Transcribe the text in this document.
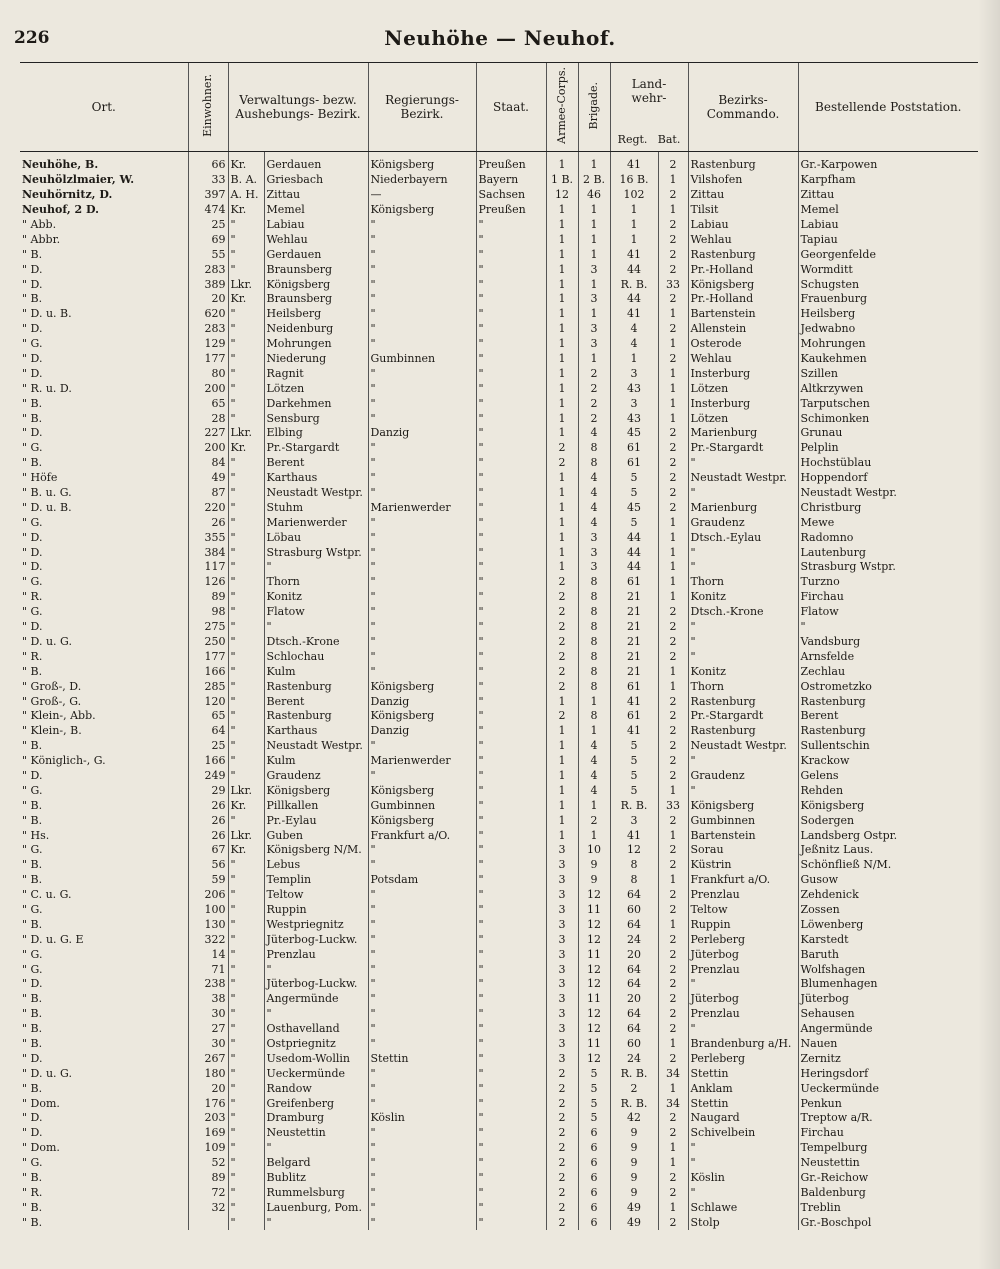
226	Neuhöhe — Neuhof.
Ort.	Einwohner.	Verwaltungs- bezw. Aushebungs- Bezirk.		Regierungs- Bezirk.	Staat.	Armee-Corps.	Brigade.	Land- wehr-
Regt. Bat.		Bezirks- Commando.	Bestellende Poststation.
Neuhöhe, B.	66	Kr.	Gerdauen	Königsberg	Preußen	1	1	41	2	Rastenburg	Gr.-Karpowen
Neuhölzlmaier, W.	33	B. A.	Griesbach	Niederbayern	Bayern	1 B.	2 B.	16 B.	1	Vilshofen	Karpfham
Neuhörnitz, D.	397	A. H.	Zittau	—	Sachsen	12	46	102	2	Zittau	Zittau
Neuhof, 2 D.	474	Kr.	Memel	Königsberg	Preußen	1	1	1	1	Tilsit	Memel
" Abb.	25	"	Labiau	"	"	1	1	1	2	Labiau	Labiau
" Abbr.	69	"	Wehlau	"	"	1	1	1	2	Wehlau	Tapiau
" B.	55	"	Gerdauen	"	"	1	1	41	2	Rastenburg	Georgenfelde
" D.	283	"	Braunsberg	"	"	1	3	44	2	Pr.-Holland	Wormditt
" D.	389	Lkr.	Königsberg	"	"	1	1	R. B.	33	Königsberg	Schugsten
" B.	20	Kr.	Braunsberg	"	"	1	3	44	2	Pr.-Holland	Frauenburg
" D. u. B.	620	"	Heilsberg	"	"	1	1	41	1	Bartenstein	Heilsberg
" D.	283	"	Neidenburg	"	"	1	3	4	2	Allenstein	Jedwabno
" G.	129	"	Mohrungen	"	"	1	3	4	1	Osterode	Mohrungen
" D.	177	"	Niederung	Gumbinnen	"	1	1	1	2	Wehlau	Kaukehmen
" D.	80	"	Ragnit	"	"	1	2	3	1	Insterburg	Szillen
" R. u. D.	200	"	Lötzen	"	"	1	2	43	1	Lötzen	Altkrzywen
" B.	65	"	Darkehmen	"	"	1	2	3	1	Insterburg	Tarputschen
" B.	28	"	Sensburg	"	"	1	2	43	1	Lötzen	Schimonken
" D.	227	Lkr.	Elbing	Danzig	"	1	4	45	2	Marienburg	Grunau
" G.	200	Kr.	Pr.-Stargardt	"	"	2	8	61	2	Pr.-Stargardt	Pelplin
" B.	84	"	Berent	"	"	2	8	61	2	"	Hochstüblau
" Höfe	49	"	Karthaus	"	"	1	4	5	2	Neustadt Westpr.	Hoppendorf
" B. u. G.	87	"	Neustadt Westpr.	"	"	1	4	5	2	"	Neustadt Westpr.
" D. u. B.	220	"	Stuhm	Marienwerder	"	1	4	45	2	Marienburg	Christburg
" G.	26	"	Marienwerder	"	"	1	4	5	1	Graudenz	Mewe
" D.	355	"	Löbau	"	"	1	3	44	1	Dtsch.-Eylau	Radomno
" D.	384	"	Strasburg Wstpr.	"	"	1	3	44	1	"	Lautenburg
" D.	117	"	"	"	"	1	3	44	1	"	Strasburg Wstpr.
" G.	126	"	Thorn	"	"	2	8	61	1	Thorn	Turzno
" R.	89	"	Konitz	"	"	2	8	21	1	Konitz	Firchau
" G.	98	"	Flatow	"	"	2	8	21	2	Dtsch.-Krone	Flatow
" D.	275	"	"	"	"	2	8	21	2	"	"
" D. u. G.	250	"	Dtsch.-Krone	"	"	2	8	21	2	"	Vandsburg
" R.	177	"	Schlochau	"	"	2	8	21	2	"	Arnsfelde
" B.	166	"	Kulm	"	"	2	8	21	1	Konitz	Zechlau
" Groß-, D.	285	"	Rastenburg	Königsberg	"	2	8	61	1	Thorn	Ostrometzko
" Groß-, G.	120	"	Berent	Danzig	"	1	1	41	2	Rastenburg	Rastenburg
" Klein-, Abb.	65	"	Rastenburg	Königsberg	"	2	8	61	2	Pr.-Stargardt	Berent
" Klein-, B.	64	"	Karthaus	Danzig	"	1	1	41	2	Rastenburg	Rastenburg
" B.	25	"	Neustadt Westpr.	"	"	1	4	5	2	Neustadt Westpr.	Sullentschin
" Königlich-, G.	166	"	Kulm	Marienwerder	"	1	4	5	2	"	Krackow
" D.	249	"	Graudenz	"	"	1	4	5	2	Graudenz	Gelens
" G.	29	Lkr.	Königsberg	Königsberg	"	1	4	5	1	"	Rehden
" B.	26	Kr.	Pillkallen	Gumbinnen	"	1	1	R. B.	33	Königsberg	Königsberg
" B.	26	"	Pr.-Eylau	Königsberg	"	1	2	3	2	Gumbinnen	Sodergen
" Hs.	26	Lkr.	Guben	Frankfurt a/O.	"	1	1	41	1	Bartenstein	Landsberg Ostpr.
" G.	67	Kr.	Königsberg N/M.	"	"	3	10	12	2	Sorau	Jeßnitz Laus.
" B.	56	"	Lebus	"	"	3	9	8	2	Küstrin	Schönfließ N/M.
" B.	59	"	Templin	Potsdam	"	3	9	8	1	Frankfurt a/O.	Gusow
" C. u. G.	206	"	Teltow	"	"	3	12	64	2	Prenzlau	Zehdenick
" G.	100	"	Ruppin	"	"	3	11	60	2	Teltow	Zossen
" B.	130	"	Westpriegnitz	"	"	3	12	64	1	Ruppin	Löwenberg
" D. u. G. E	322	"	Jüterbog-Luckw.	"	"	3	12	24	2	Perleberg	Karstedt
" G.	14	"	Prenzlau	"	"	3	11	20	2	Jüterbog	Baruth
" G.	71	"	"	"	"	3	12	64	2	Prenzlau	Wolfshagen
" D.	238	"	Jüterbog-Luckw.	"	"	3	12	64	2	"	Blumenhagen
" B.	38	"	Angermünde	"	"	3	11	20	2	Jüterbog	Jüterbog
" B.	30	"	"	"	"	3	12	64	2	Prenzlau	Sehausen
" B.	27	"	Osthavelland	"	"	3	12	64	2	"	Angermünde
" B.	30	"	Ostpriegnitz	"	"	3	11	60	1	Brandenburg a/H.	Nauen
" D.	267	"	Usedom-Wollin	Stettin	"	3	12	24	2	Perleberg	Zernitz
" D. u. G.	180	"	Ueckermünde	"	"	2	5	R. B.	34	Stettin	Heringsdorf
" B.	20	"	Randow	"	"	2	5	2	1	Anklam	Ueckermünde
" Dom.	176	"	Greifenberg	"	"	2	5	R. B.	34	Stettin	Penkun
" D.	203	"	Dramburg	Köslin	"	2	5	42	2	Naugard	Treptow a/R.
" D.	169	"	Neustettin	"	"	2	6	9	2	Schivelbein	Firchau
" Dom.	109	"	"	"	"	2	6	9	1	"	Tempelburg
" G.	52	"	Belgard	"	"	2	6	9	1	"	Neustettin
" B.	89	"	Bublitz	"	"	2	6	9	2	Köslin	Gr.-Reichow
" R.	72	"	Rummelsburg	"	"	2	6	9	2	"	Baldenburg
" B.	32	"	Lauenburg, Pom.	"	"	2	6	49	1	Schlawe	Treblin
" B.		"	"	"	"	2	6	49	2	Stolp	Gr.-Boschpol
